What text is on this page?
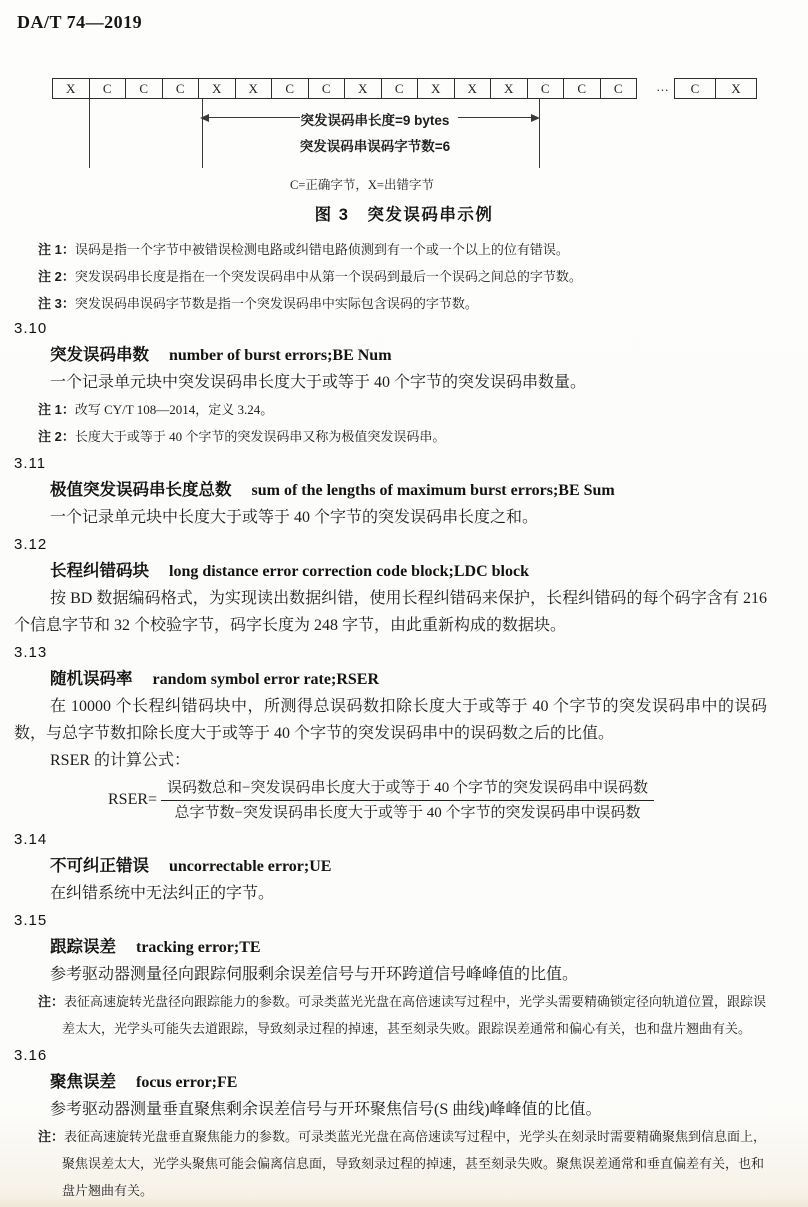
DA/T 74—2019
X	C	C	C	X	X	C	C	X	C	X	X	X	C	C	C	...	C	X
突发误码串长度=9 bytes
突发误码串误码字节数=6
C=正确字节，X=出错字节
图 3　突发误码串示例

注 1：误码是指一个字节中被错误检测电路或纠错电路侦测到有一个或一个以上的位有错误。

注 2：突发误码串长度是指在一个突发误码串中从第一个误码到最后一个误码之间总的字节数。

注 3：突发误码串误码字节数是指一个突发误码串中实际包含误码的字节数。

3.10

突发误码串数 number of burst errors;BE Num

一个记录单元块中突发误码串长度大于或等于 40 个字节的突发误码串数量。

注 1：改写 CY/T 108—2014，定义 3.24。

注 2：长度大于或等于 40 个字节的突发误码串又称为极值突发误码串。

3.11

极值突发误码串长度总数 sum of the lengths of maximum burst errors;BE Sum

一个记录单元块中长度大于或等于 40 个字节的突发误码串长度之和。

3.12

长程纠错码块 long distance error correction code block;LDC block

按 BD 数据编码格式，为实现读出数据纠错，使用长程纠错码来保护，长程纠错码的每个码字含有 216 个信息字节和 32 个校验字节，码字长度为 248 字节，由此重新构成的数据块。

3.13

随机误码率 random symbol error rate;RSER

在 10000 个长程纠错码块中，所测得总误码数扣除长度大于或等于 40 个字节的突发误码串中的误码数，与总字节数扣除长度大于或等于 40 个字节的突发误码串中的误码数之后的比值。

RSER 的计算公式：

RSER= $\frac{\text{误码数总和−突发误码串长度大于或等于 40 个字节的突发误码串中误码数}}{\text{总字节数−突发误码串长度大于或等于 40 个字节的突发误码串中误码数}}$

3.14

不可纠正错误 uncorrectable error;UE

在纠错系统中无法纠正的字节。

3.15

跟踪误差 tracking error;TE

参考驱动器测量径向跟踪伺服剩余误差信号与开环跨道信号峰峰值的比值。

注：表征高速旋转光盘径向跟踪能力的参数。可录类蓝光光盘在高倍速读写过程中，光学头需要精确锁定径向轨道位置，跟踪误差太大，光学头可能失去道跟踪，导致刻录过程的掉速，甚至刻录失败。跟踪误差通常和偏心有关，也和盘片翘曲有关。

3.16

聚焦误差 focus error;FE

参考驱动器测量垂直聚焦剩余误差信号与开环聚焦信号(S 曲线)峰峰值的比值。

注：表征高速旋转光盘垂直聚焦能力的参数。可录类蓝光光盘在高倍速读写过程中，光学头在刻录时需要精确聚焦到信息面上，聚焦误差太大，光学头聚焦可能会偏离信息面，导致刻录过程的掉速，甚至刻录失败。聚焦误差通常和垂直偏差有关，也和盘片翘曲有关。
